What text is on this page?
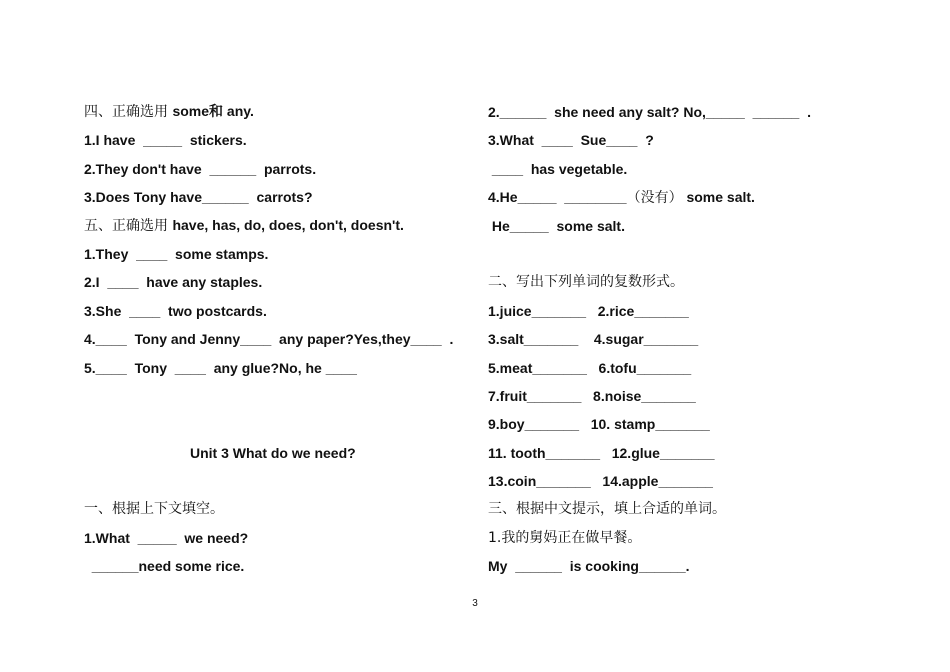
四、正确选用 some和 any.
1.I have  _____  stickers.
2.They don't have  ______  parrots.
3.Does Tony have______  carrots?
五、正确选用 have, has, do, does, don't, doesn't.
1.They  ____  some stamps.
2.I  ____  have any staples.
3.She  ____  two postcards.
4.____  Tony and Jenny____  any paper?Yes,they____  .
5.____  Tony  ____  any glue?No, he ____
Unit 3 What do we need?
一、根据上下文填空。
1.What  _____  we need?
______need some rice.
2.______  she need any salt? No,_____  ______  .
3.What  ____  Sue____  ?
____  has vegetable.
4.He_____  ________（没有） some salt.
He_____  some salt.
二、写出下列单词的复数形式。
1.juice_______   2.rice_______
3.salt_______    4.sugar_______
5.meat_______   6.tofu_______
7.fruit_______   8.noise_______
9.boy_______   10. stamp_______
11. tooth_______   12.glue_______
13.coin_______   14.apple_______
三、根据中文提示，填上合适的单词。
1.我的舅妈正在做早餐。
My  ______  is cooking______.
3
